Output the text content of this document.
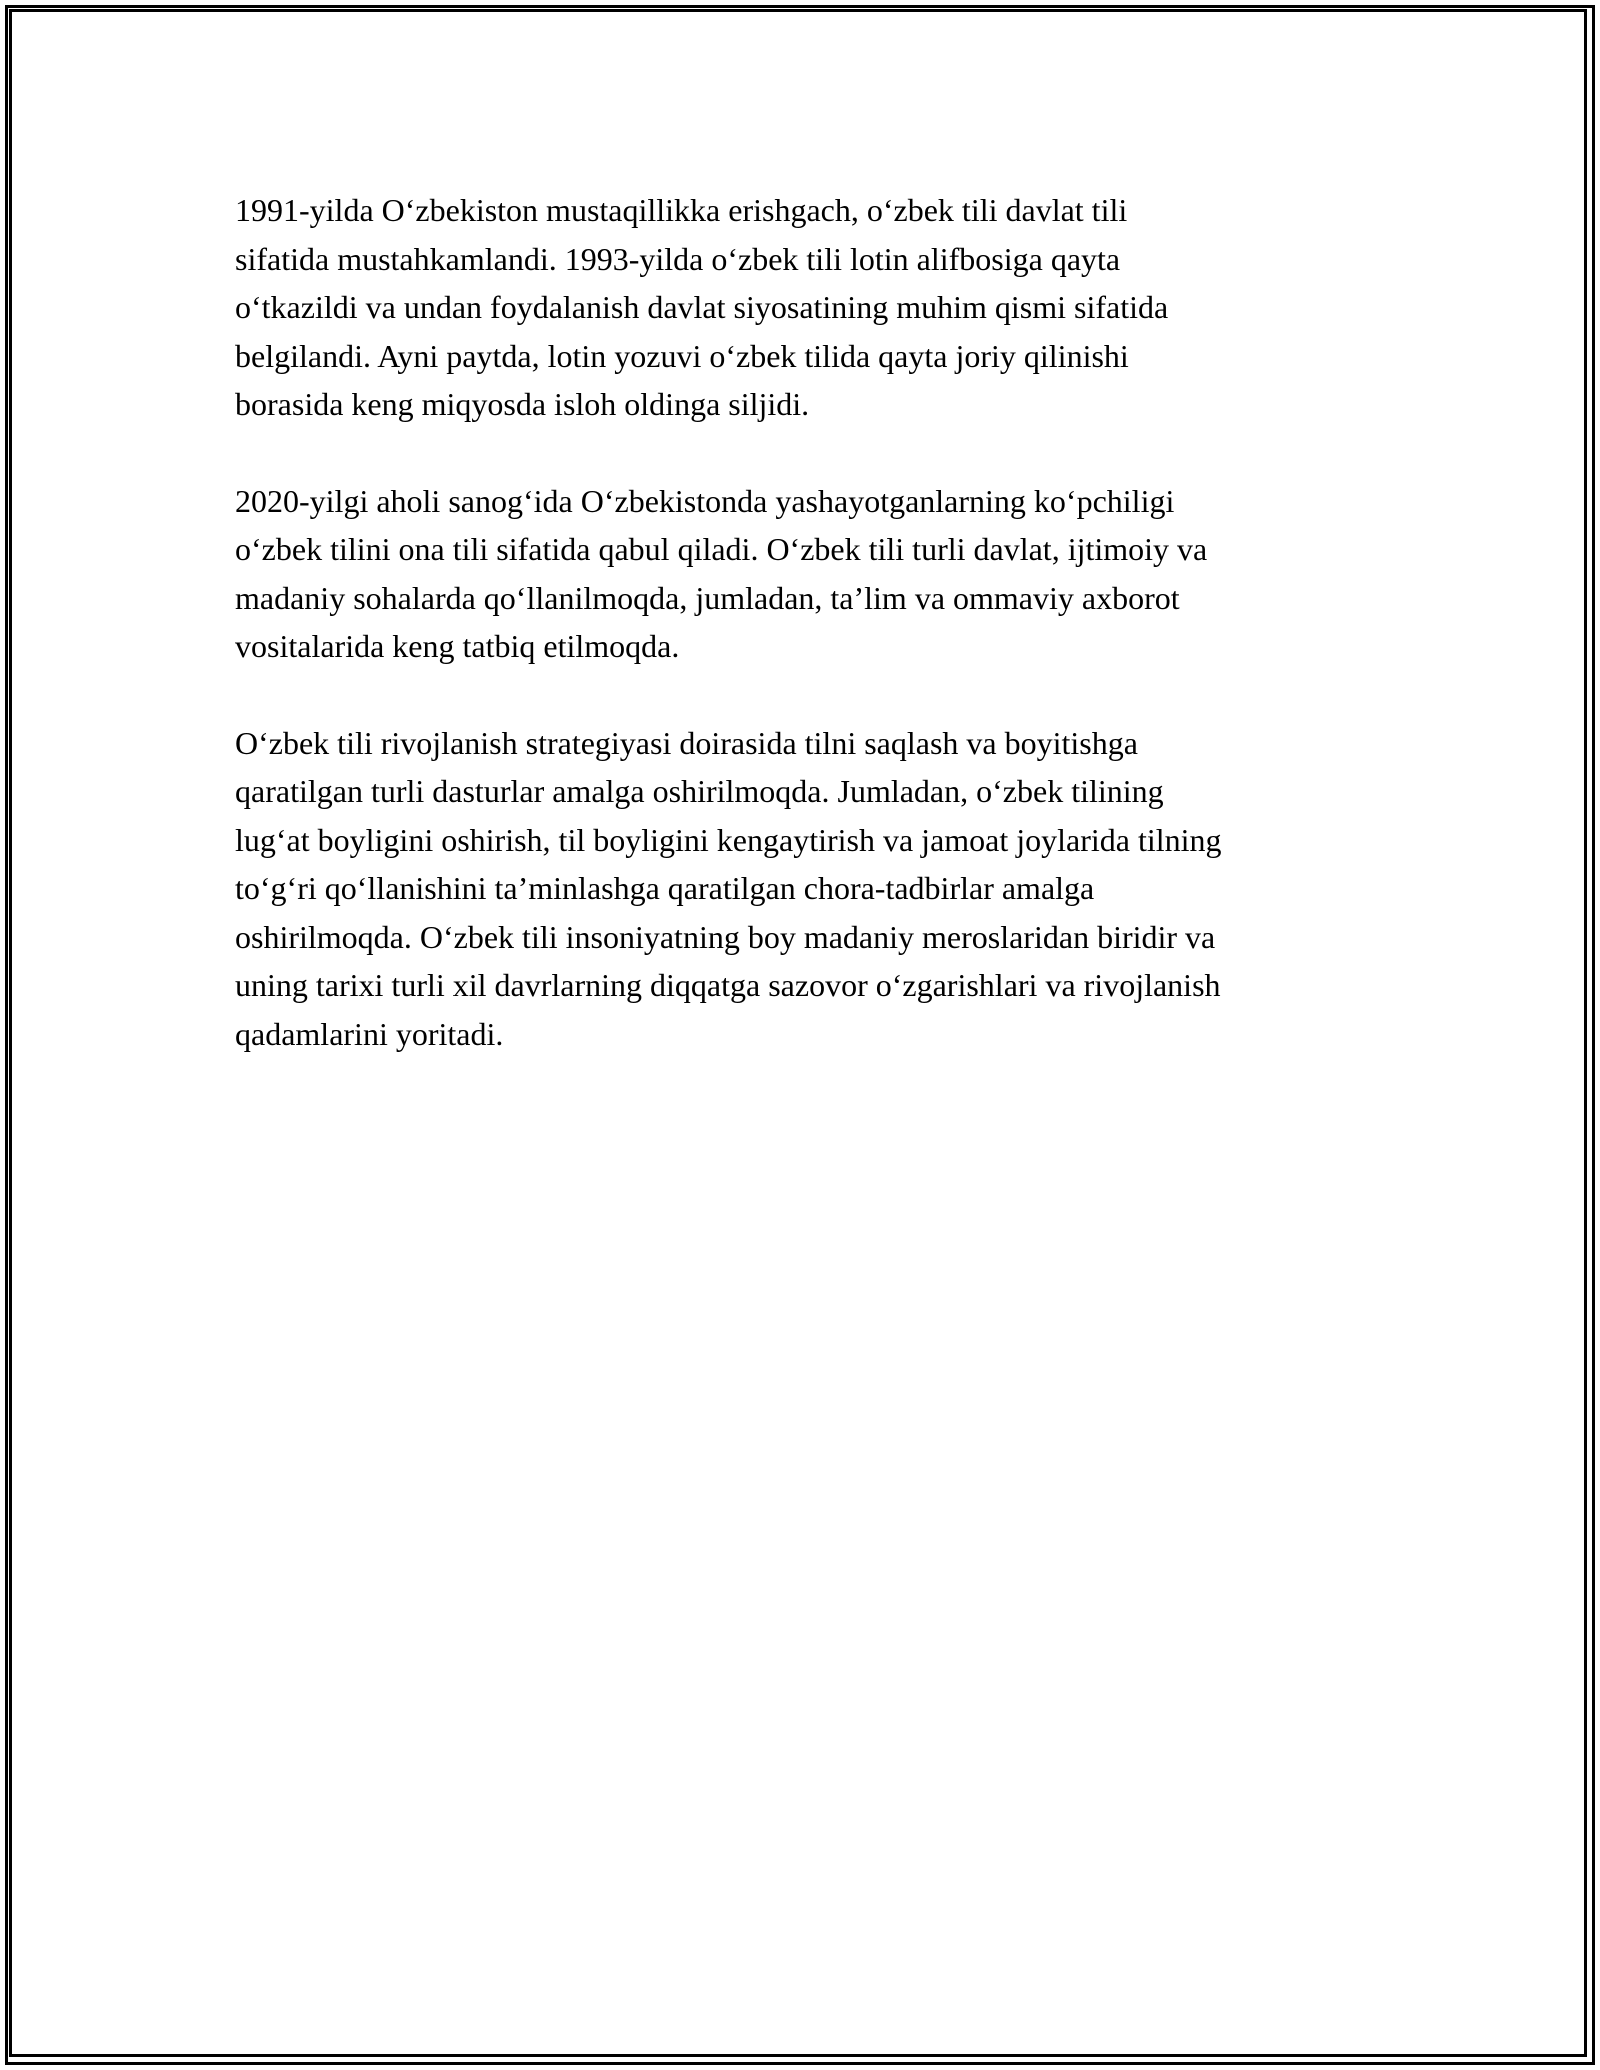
1991-yilda Oʻzbekiston mustaqillikka erishgach, oʻzbek tili davlat tili
sifatida mustahkamlandi. 1993-yilda oʻzbek tili lotin alifbosiga qayta
oʻtkazildi va undan foydalanish davlat siyosatining muhim qismi sifatida
belgilandi. Ayni paytda, lotin yozuvi oʻzbek tilida qayta joriy qilinishi
borasida keng miqyosda isloh oldinga siljidi.

2020-yilgi aholi sanogʻida Oʻzbekistonda yashayotganlarning koʻpchiligi
oʻzbek tilini ona tili sifatida qabul qiladi. Oʻzbek tili turli davlat, ijtimoiy va
madaniy sohalarda qoʻllanilmoqda, jumladan, taʼlim va ommaviy axborot
vositalarida keng tatbiq etilmoqda.

Oʻzbek tili rivojlanish strategiyasi doirasida tilni saqlash va boyitishga
qaratilgan turli dasturlar amalga oshirilmoqda. Jumladan, oʻzbek tilining
lugʻat boyligini oshirish, til boyligini kengaytirish va jamoat joylarida tilning
toʻgʻri qoʻllanishini taʼminlashga qaratilgan chora-tadbirlar amalga
oshirilmoqda. Oʻzbek tili insoniyatning boy madaniy meroslaridan biridir va
uning tarixi turli xil davrlarning diqqatga sazovor oʻzgarishlari va rivojlanish
qadamlarini yoritadi.
